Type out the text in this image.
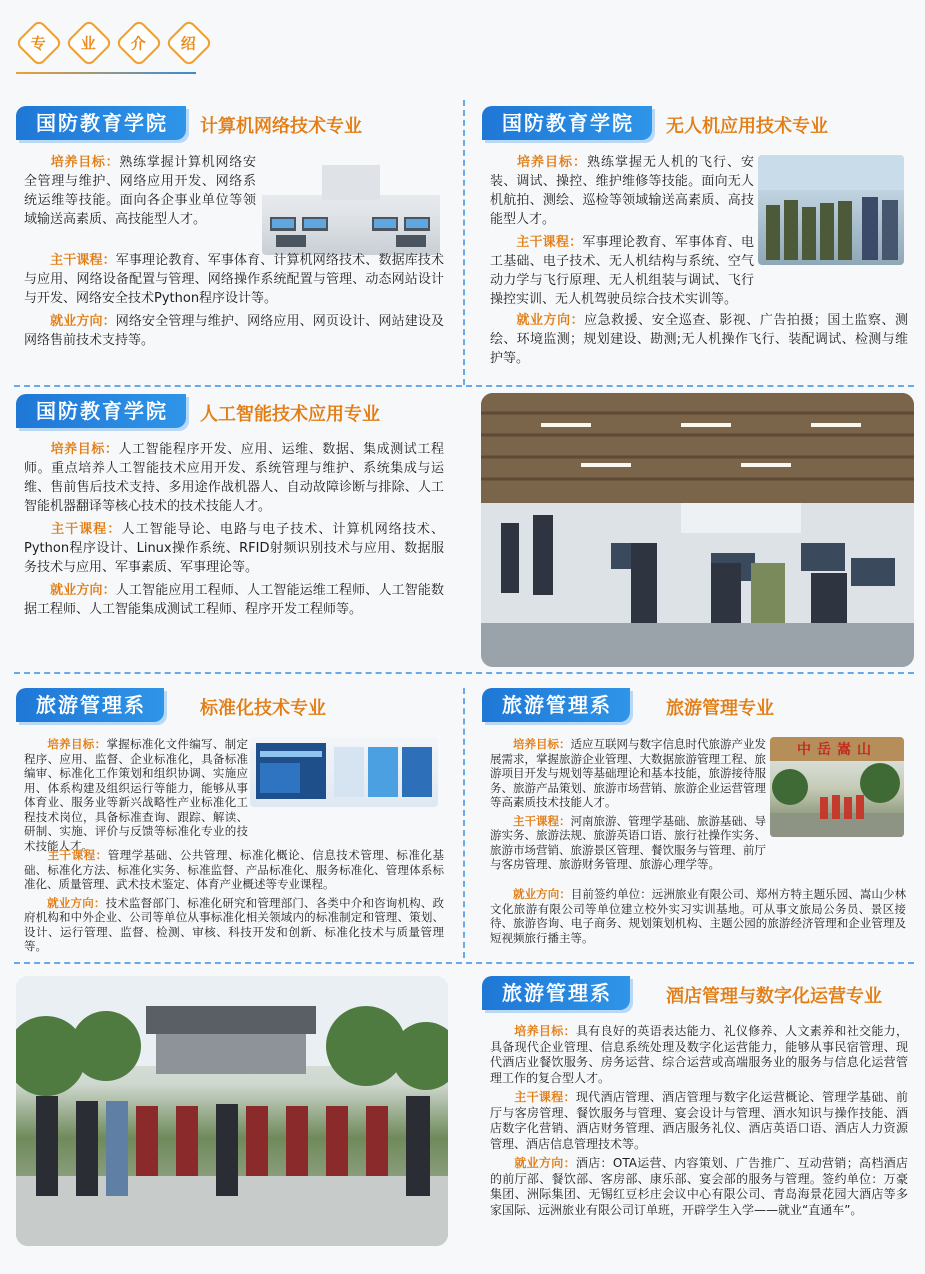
专 业 介 绍
国防教育学院	计算机网络技术专业

  培养目标：熟练掌握计算机网络安全管理与维护、网络应用开发、网络系统运维等技能。面向各企事业单位等领域输送高素质、高技能型人才。

  主干课程：军事理论教育、军事体育、计算机网络技术、数据库技术与应用、网络设备配置与管理、网络操作系统配置与管理、动态网站设计与开发、网络安全技术Python程序设计等。

  就业方向：网络安全管理与维护、网络应用、网页设计、网站建设及网络售前技术支持等。

国防教育学院	无人机应用技术专业

  培养目标：熟练掌握无人机的飞行、安装、调试、操控、维护维修等技能。面向无人机航拍、测绘、巡检等领域输送高素质、高技能型人才。

  主干课程：军事理论教育、军事体育、电工基础、电子技术、无人机结构与系统、空气动力学与飞行原理、无人机组装与调试、飞行操控实训、无人机驾驶员综合技术实训等。

  就业方向：应急救援、安全巡查、影视、广告拍摄；国土监察、测绘、环境监测；规划建设、勘测;无人机操作飞行、装配调试、检测与维护等。

国防教育学院	人工智能技术应用专业

  培养目标：人工智能程序开发、应用、运维、数据、集成测试工程师。重点培养人工智能技术应用开发、系统管理与维护、系统集成与运维、售前售后技术支持、多用途作战机器人、自动故障诊断与排除、人工智能机器翻译等核心技术的技术技能人才。

  主干课程：人工智能导论、电路与电子技术、计算机网络技术、Python程序设计、Linux操作系统、RFID射频识别技术与应用、数据服务技术与应用、军事素质、军事理论等。

  就业方向：人工智能应用工程师、人工智能运维工程师、人工智能数据工程师、人工智能集成测试工程师、程序开发工程师等。

旅游管理系	标准化技术专业

  培养目标：掌握标准化文件编写、制定程序、应用、监督、企业标准化，具备标准编审、标准化工作策划和组织协调、实施应用、体系构建及组织运行等能力，能够从事体育业、服务业等新兴战略性产业标准化工程技术岗位，具备标准查询、跟踪、解读、研制、实施、评价与反馈等标准化专业的技术技能人才。

  主干课程：管理学基础、公共管理、标准化概论、信息技术管理、标准化基础、标准化方法、标准化实务、标准监督、产品标准化、服务标准化、管理体系标准化、质量管理、武术技术鉴定、体育产业概述等专业课程。

  就业方向：技术监督部门、标准化研究和管理部门、各类中介和咨询机构、政府机构和中外企业、公司等单位从事标准化相关领域内的标准制定和管理、策划、设计、运行管理、监督、检测、审核、科技开发和创新、标准化技术与质量管理等。

旅游管理系	旅游管理专业
中岳嵩山

  培养目标：适应互联网与数字信息时代旅游产业发展需求，掌握旅游企业管理、大数据旅游管理工程、旅游项目开发与规划等基础理论和基本技能，旅游接待服务、旅游产品策划、旅游市场营销、旅游企业运营管理等高素质技术技能人才。

  主干课程：河南旅游、管理学基础、旅游基础、导游实务、旅游法规、旅游英语口语、旅行社操作实务、旅游市场营销、旅游景区管理、餐饮服务与管理、前厅与客房管理、旅游财务管理、旅游心理学等。

  就业方向：目前签约单位：远洲旅业有限公司、郑州方特主题乐园、嵩山少林文化旅游有限公司等单位建立校外实习实训基地。可从事文旅局公务员、景区接待、旅游咨询、电子商务、规划策划机构、主题公园的旅游经济管理和企业管理及短视频旅行播主等。

旅游管理系	酒店管理与数字化运营专业

  培养目标：具有良好的英语表达能力、礼仪修养、人文素养和社交能力，具备现代企业管理、信息系统处理及数字化运营能力，能够从事民宿管理、现代酒店业餐饮服务、房务运营、综合运营或高端服务业的服务与信息化运营管理工作的复合型人才。

  主干课程：现代酒店管理、酒店管理与数字化运营概论、管理学基础、前厅与客房管理、餐饮服务与管理、宴会设计与管理、酒水知识与操作技能、酒店数字化营销、酒店财务管理、酒店服务礼仪、酒店英语口语、酒店人力资源管理、酒店信息管理技术等。

  就业方向：酒店：OTA运营、内容策划、广告推广、互动营销；高档酒店的前厅部、餐饮部、客房部、康乐部、宴会部的服务与管理。签约单位：万豪集团、洲际集团、无锡红豆杉庄会议中心有限公司、青岛海景花园大酒店等多家国际、远洲旅业有限公司订单班，开辟学生入学——就业“直通车”。
